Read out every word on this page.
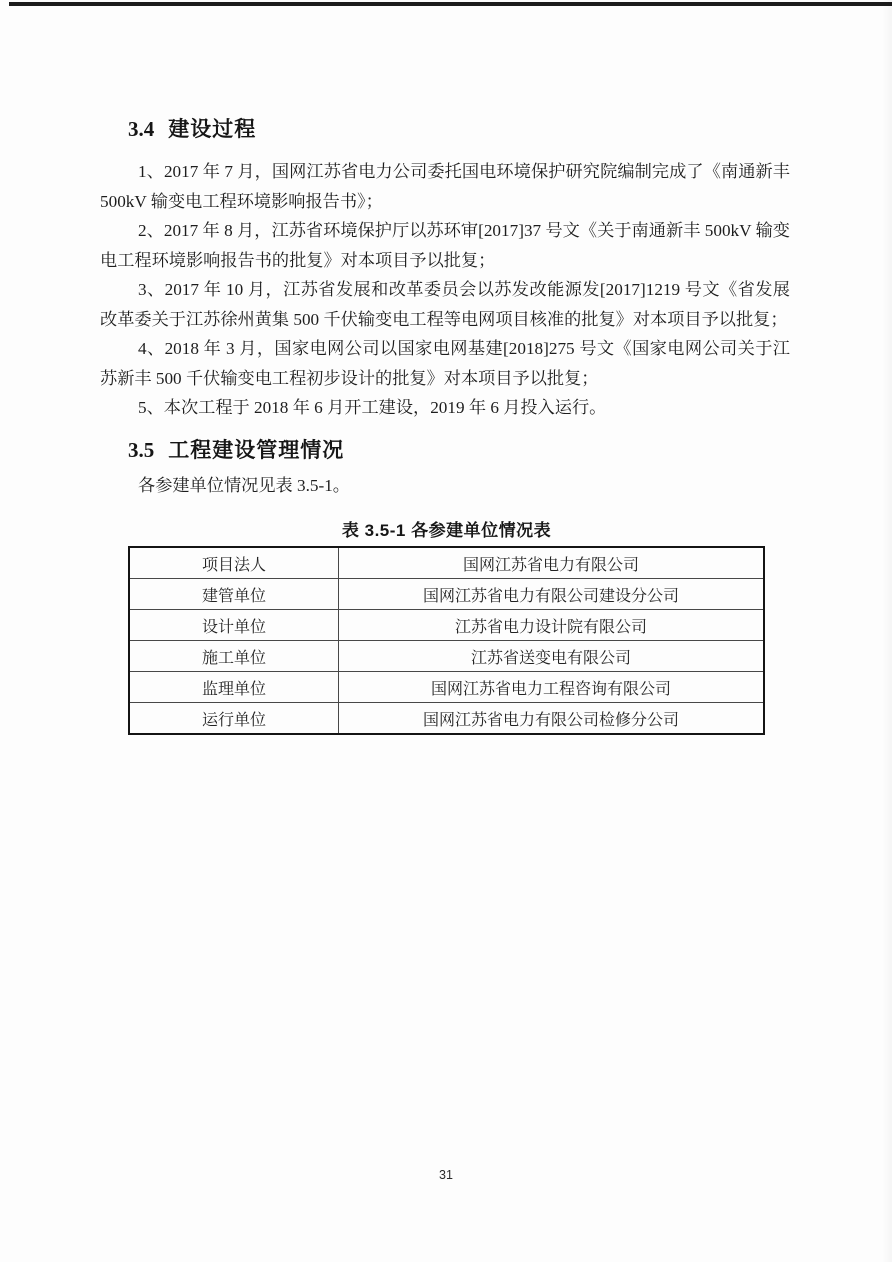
3.4 建设过程

1、2017 年 7 月，国网江苏省电力公司委托国电环境保护研究院编制完成了《南通新丰 500kV 输变电工程环境影响报告书》；

2、2017 年 8 月，江苏省环境保护厅以苏环审[2017]37 号文《关于南通新丰 500kV 输变电工程环境影响报告书的批复》对本项目予以批复；

3、2017 年 10 月，江苏省发展和改革委员会以苏发改能源发[2017]1219 号文《省发展改革委关于江苏徐州黄集 500 千伏输变电工程等电网项目核准的批复》对本项目予以批复；

4、2018 年 3 月，国家电网公司以国家电网基建[2018]275 号文《国家电网公司关于江苏新丰 500 千伏输变电工程初步设计的批复》对本项目予以批复；

5、本次工程于 2018 年 6 月开工建设，2019 年 6 月投入运行。

3.5 工程建设管理情况

各参建单位情况见表 3.5-1。

表 3.5-1 各参建单位情况表
项目法人	国网江苏省电力有限公司
建管单位	国网江苏省电力有限公司建设分公司
设计单位	江苏省电力设计院有限公司
施工单位	江苏省送变电有限公司
监理单位	国网江苏省电力工程咨询有限公司
运行单位	国网江苏省电力有限公司检修分公司
31
